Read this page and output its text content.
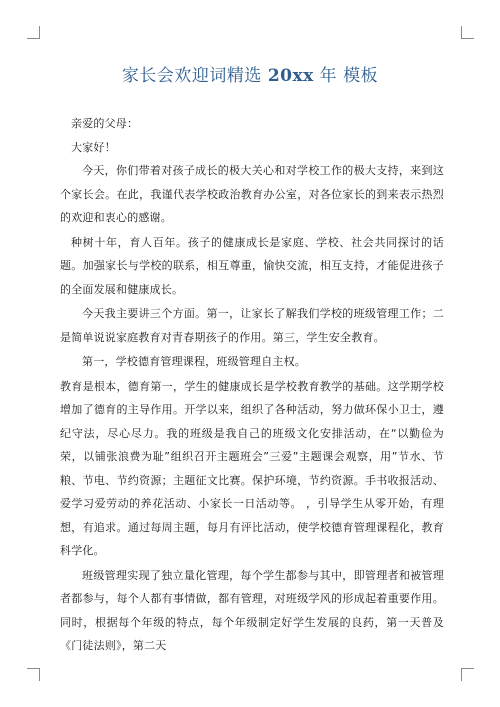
家长会欢迎词精选 20xx 年 模板

亲爱的父母：

大家好！

今天，你们带着对孩子成长的极大关心和对学校工作的极大支持，来到这个家长会。在此，我谨代表学校政治教育办公室，对各位家长的到来表示热烈的欢迎和衷心的感谢。

种树十年，育人百年。孩子的健康成长是家庭、学校、社会共同探讨的话题。加强家长与学校的联系，相互尊重，愉快交流，相互支持，才能促进孩子的全面发展和健康成长。

今天我主要讲三个方面。第一，让家长了解我们学校的班级管理工作；二是简单说说家庭教育对青春期孩子的作用。第三，学生安全教育。

第一，学校德育管理课程，班级管理自主权。

教育是根本，德育第一，学生的健康成长是学校教育教学的基础。这学期学校增加了德育的主导作用。开学以来，组织了各种活动，努力做环保小卫士，遵纪守法，尽心尽力。我的班级是我自己的班级文化安排活动，在“以勤俭为荣，以铺张浪费为耻”组织召开主题班会”三爱”主题课会观察，用”节水、节粮、节电、节约资源；主题征文比赛。保护环境，节约资源。手书收报活动、爱学习爱劳动的养花活动、小家长一日活动等。 ，引导学生从零开始，有理想，有追求。通过每周主题，每月有评比活动，使学校德育管理课程化，教育科学化。

班级管理实现了独立量化管理，每个学生都参与其中，即管理者和被管理者都参与，每个人都有事情做，都有管理，对班级学风的形成起着重要作用。同时，根据每个年级的特点，每个年级制定好学生发展的良药，第一天普及《门徒法则》，第二天
